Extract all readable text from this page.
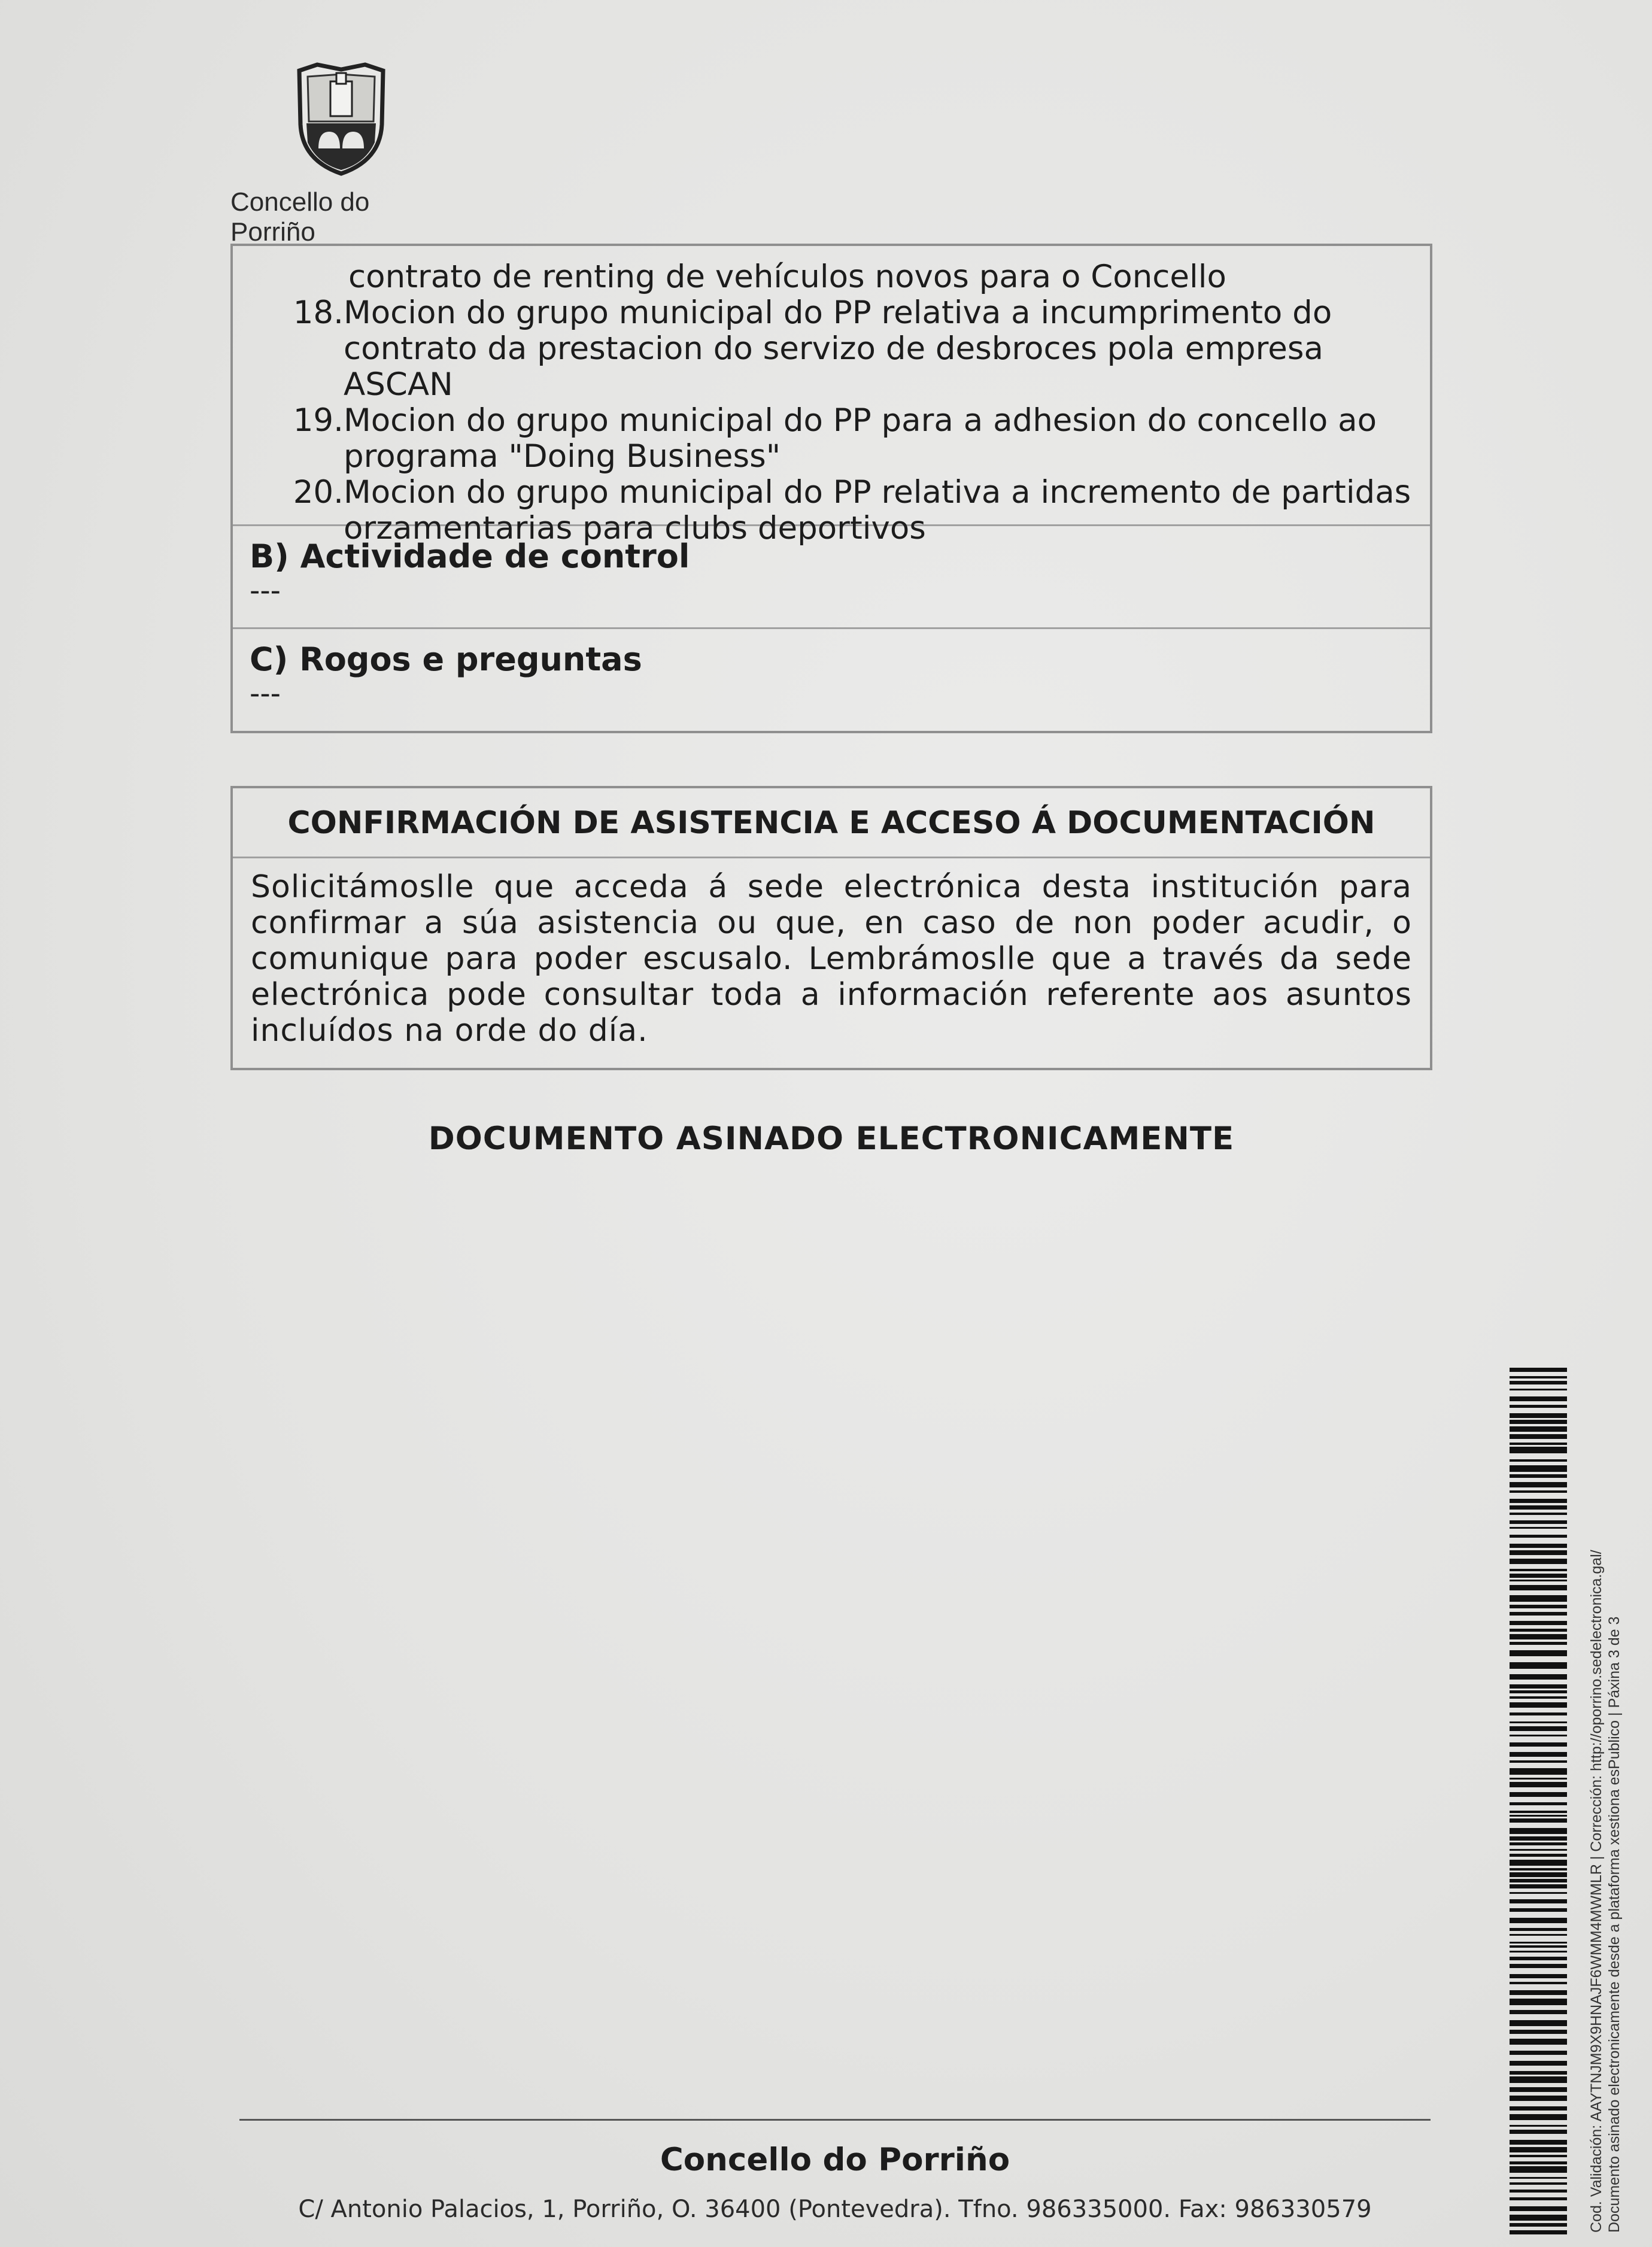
Concello do Porriño
contrato de renting de vehículos novos para o Concello
18. Mocion do grupo municipal do PP relativa a incumprimento do
contrato da prestacion do servizo de desbroces pola empresa ASCAN
19. Mocion do grupo municipal do PP para a adhesion do concello ao
programa "Doing Business"
20. Mocion do grupo municipal do PP relativa a incremento de partidas
orzamentarias para clubs deportivos
B) Actividade de control
---
C) Rogos e preguntas
---
CONFIRMACIÓN DE ASISTENCIA E ACCESO Á DOCUMENTACIÓN
Solicitámoslle que acceda á sede electrónica desta institución para confirmar a súa asistencia ou que, en caso de non poder acudir, o comunique para poder escusalo. Lembrámoslle que a través da sede electrónica pode consultar toda a información referente aos asuntos incluídos na orde do día.
DOCUMENTO ASINADO ELECTRONICAMENTE
Concello do Porriño
C/ Antonio Palacios, 1, Porriño, O. 36400 (Pontevedra). Tfno. 986335000. Fax: 986330579	Cod. Validación: AAYTNJM9X9HNAJF6WMM4MWMLR | Corrección: http://oporrino.sedelectronica.gal/ Documento asinado electronicamente desde a plataforma xestiona esPublico | Páxina 3 de 3
